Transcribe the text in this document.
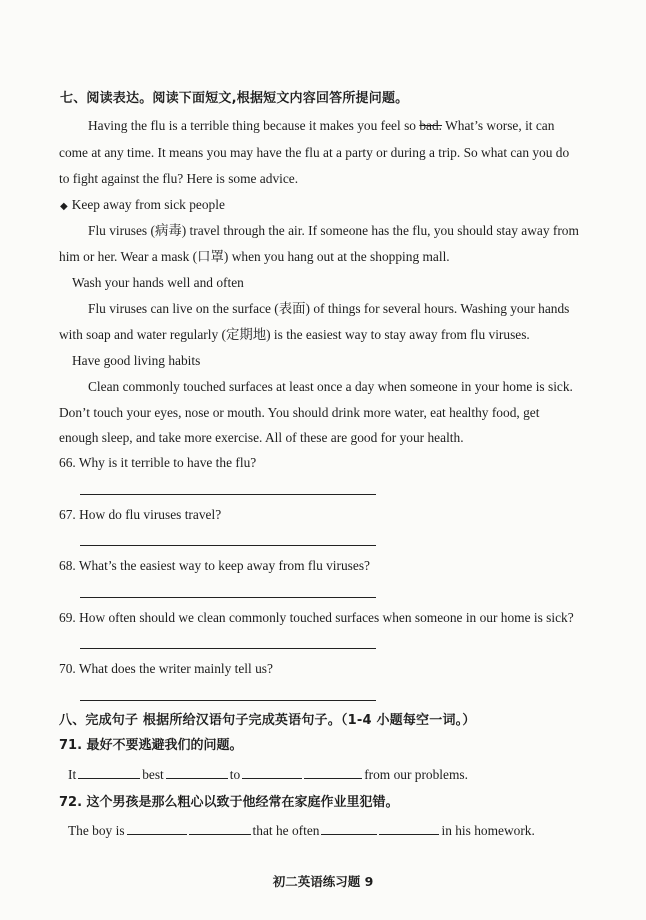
七、阅读表达。阅读下面短文,根据短文内容回答所提问题。
Having the flu is a terrible thing because it makes you feel so bad. What’s worse, it can
come at any time. It means you may have the flu at a party or during a trip. So what can you do
to fight against the flu? Here is some advice.
◆ Keep away from sick people
Flu viruses (病毒) travel through the air. If someone has the flu, you should stay away from
him or her. Wear a mask (口罩) when you hang out at the shopping mall.
Wash your hands well and often
Flu viruses can live on the surface (表面) of things for several hours. Washing your hands
with soap and water regularly (定期地) is the easiest way to stay away from flu viruses.
Have good living habits
Clean commonly touched surfaces at least once a day when someone in your home is sick.
Don’t touch your eyes, nose or mouth. You should drink more water, eat healthy food, get
enough sleep, and take more exercise. All of these are good for your health.
66. Why is it terrible to have the flu?
67. How do flu viruses travel?
68. What’s the easiest way to keep away from flu viruses?
69. How often should we clean commonly touched surfaces when someone in our home is sick?
70. What does the writer mainly tell us?
八、完成句子 根据所给汉语句子完成英语句子。（1-4 小题每空一词。）
71. 最好不要逃避我们的问题。
It	best	to	from our problems.
72. 这个男孩是那么粗心以致于他经常在家庭作业里犯错。
The boy is	that he often	in his homework.
初二英语练习题 9
